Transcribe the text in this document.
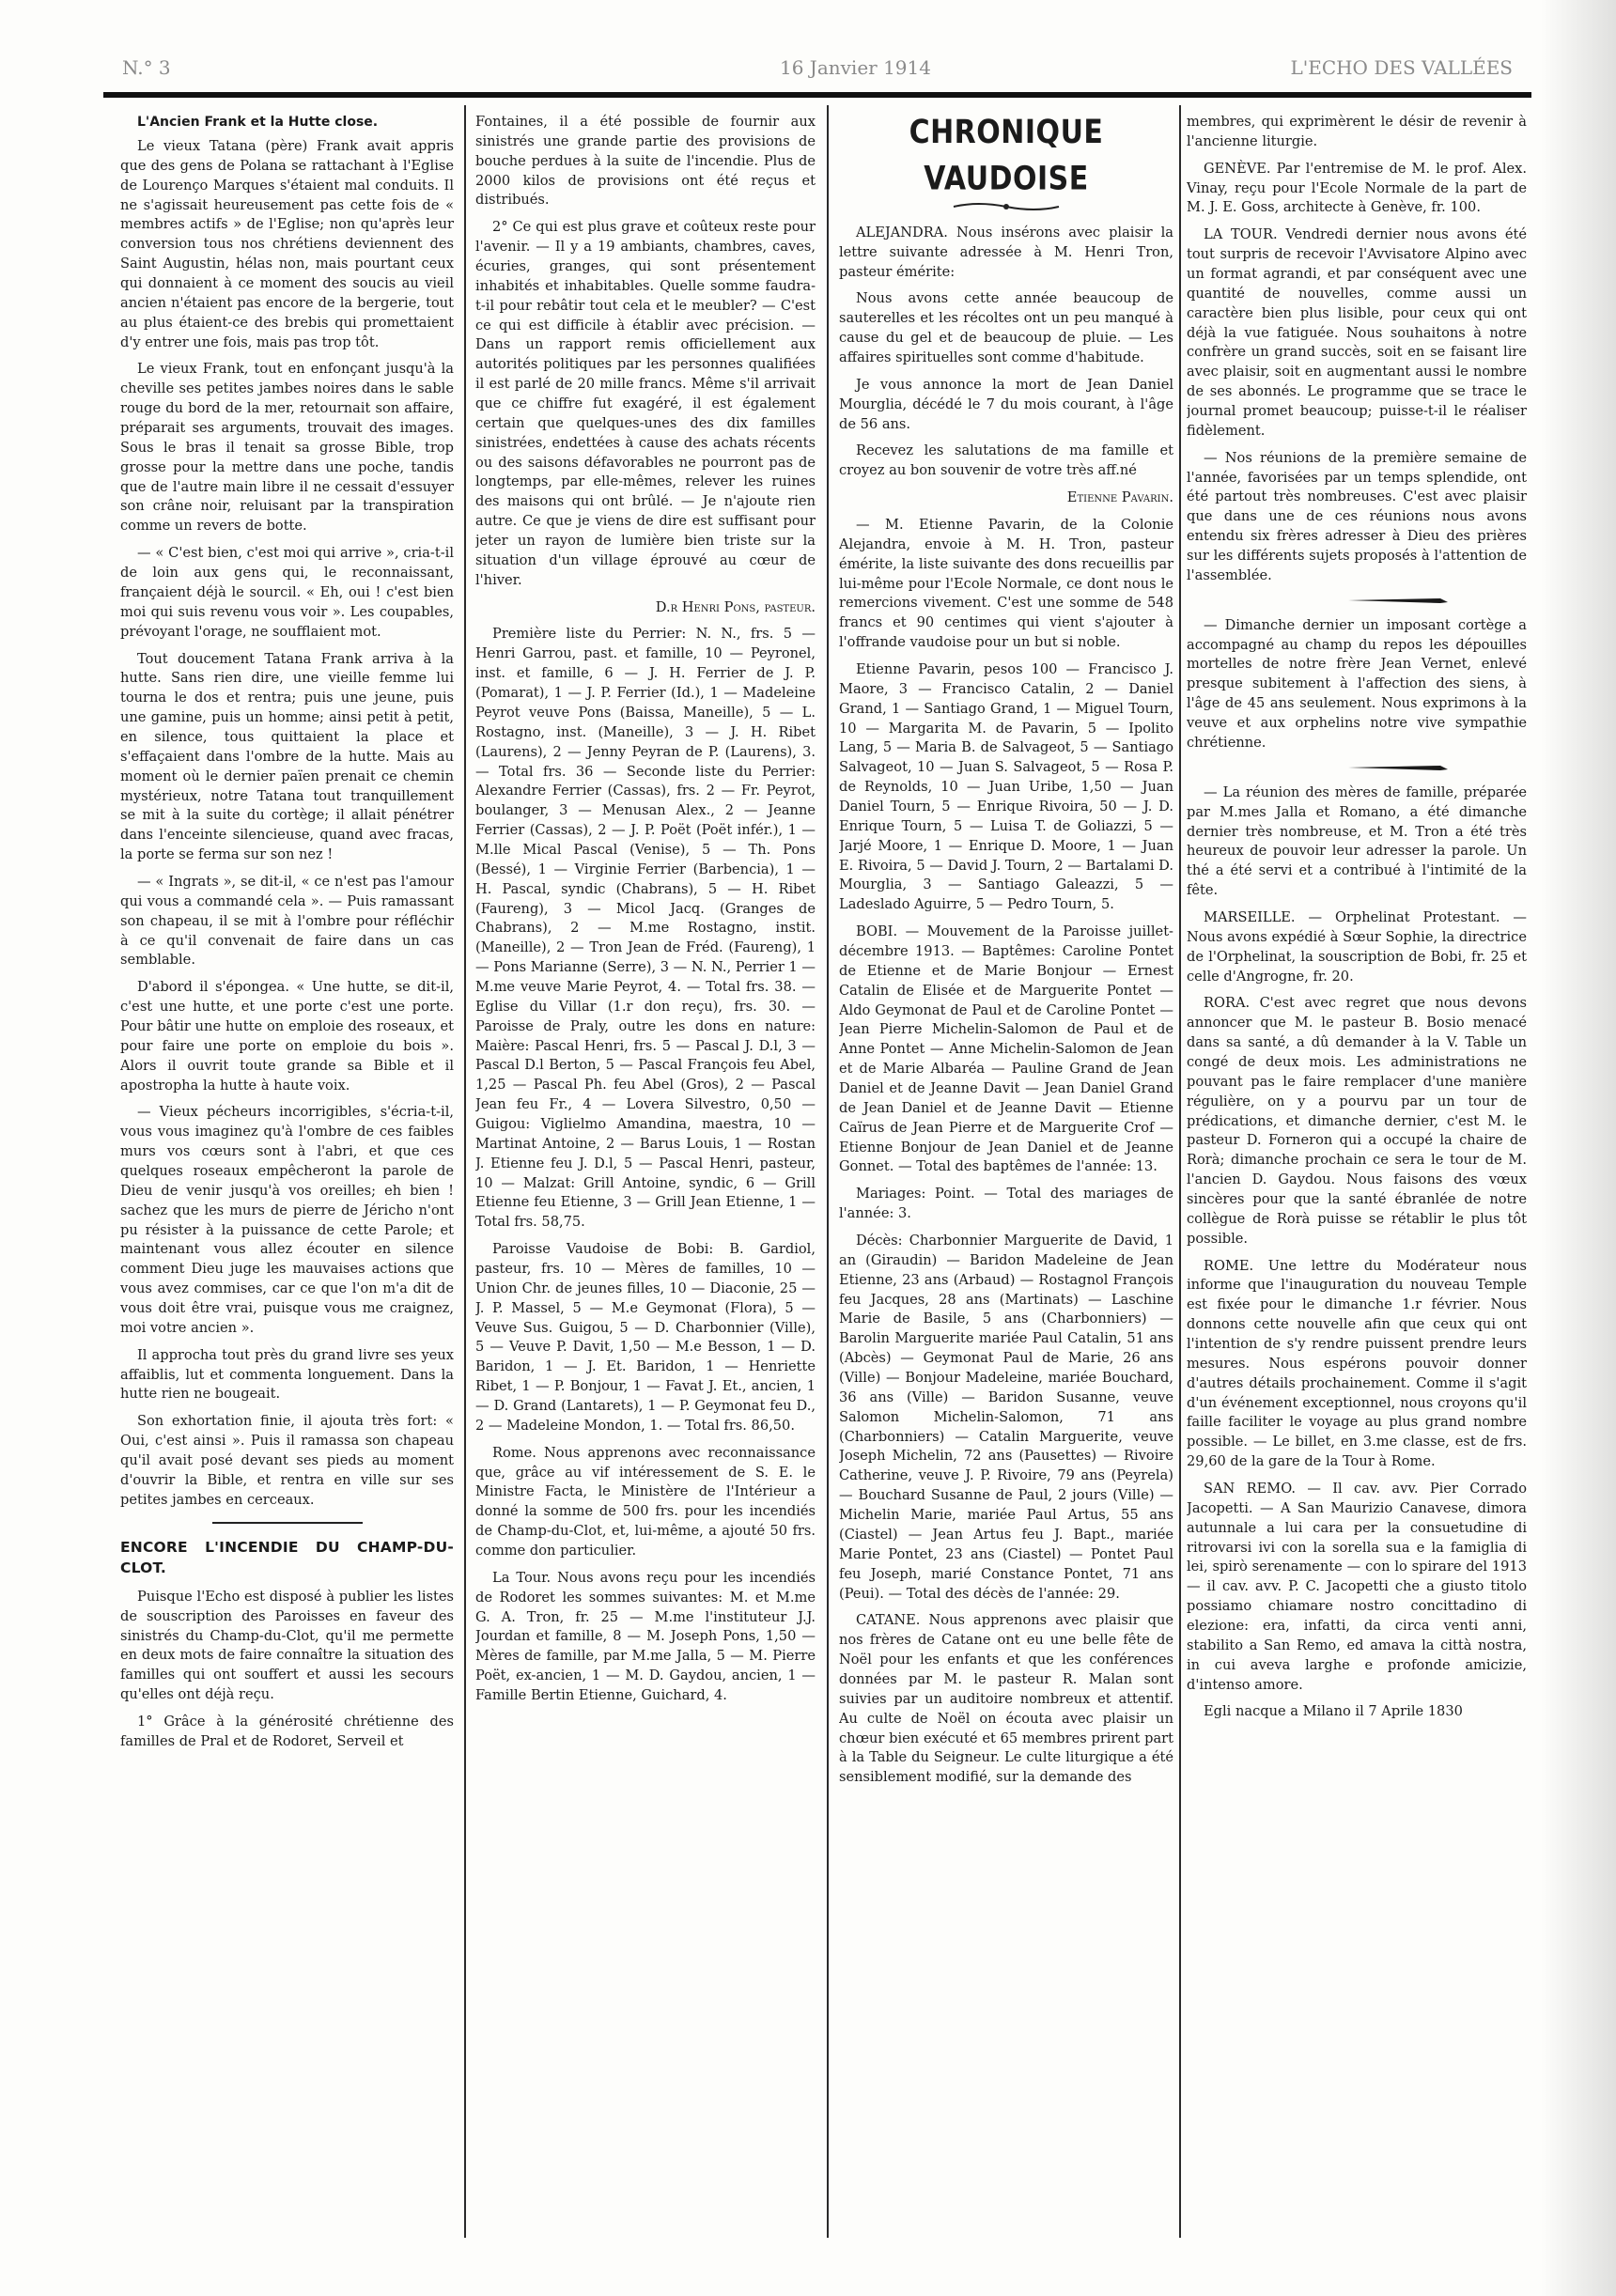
N.° 3	16 Janvier 1914	L'ECHO DES VALLÉES
L'Ancien Frank et la Hutte close.

Le vieux Tatana (père) Frank avait appris que des gens de Polana se rattachant à l'Eglise de Lourenço Marques s'étaient mal conduits. Il ne s'agissait heureusement pas cette fois de « membres actifs » de l'Eglise; non qu'après leur conversion tous nos chrétiens deviennent des Saint Augustin, hélas non, mais pourtant ceux qui donnaient à ce moment des soucis au vieil ancien n'étaient pas encore de la bergerie, tout au plus étaient-ce des brebis qui promettaient d'y entrer une fois, mais pas trop tôt.

Le vieux Frank, tout en enfonçant jusqu'à la cheville ses petites jambes noires dans le sable rouge du bord de la mer, retournait son affaire, préparait ses arguments, trouvait des images. Sous le bras il tenait sa grosse Bible, trop grosse pour la mettre dans une poche, tandis que de l'autre main libre il ne cessait d'essuyer son crâne noir, reluisant par la transpiration comme un revers de botte.

— « C'est bien, c'est moi qui arrive », cria-t-il de loin aux gens qui, le reconnaissant, françaient déjà le sourcil. « Eh, oui ! c'est bien moi qui suis revenu vous voir ». Les coupables, prévoyant l'orage, ne soufflaient mot.

Tout doucement Tatana Frank arriva à la hutte. Sans rien dire, une vieille femme lui tourna le dos et rentra; puis une jeune, puis une gamine, puis un homme; ainsi petit à petit, en silence, tous quittaient la place et s'effaçaient dans l'ombre de la hutte. Mais au moment où le dernier païen prenait ce chemin mystérieux, notre Tatana tout tranquillement se mit à la suite du cortège; il allait pénétrer dans l'enceinte silencieuse, quand avec fracas, la porte se ferma sur son nez !

— « Ingrats », se dit-il, « ce n'est pas l'amour qui vous a commandé cela ». — Puis ramassant son chapeau, il se mit à l'ombre pour réfléchir à ce qu'il convenait de faire dans un cas semblable.

D'abord il s'épongea. « Une hutte, se dit-il, c'est une hutte, et une porte c'est une porte. Pour bâtir une hutte on emploie des roseaux, et pour faire une porte on emploie du bois ». Alors il ouvrit toute grande sa Bible et il apostropha la hutte à haute voix.

— Vieux pécheurs incorrigibles, s'écria-t-il, vous vous imaginez qu'à l'ombre de ces faibles murs vos cœurs sont à l'abri, et que ces quelques roseaux empêcheront la parole de Dieu de venir jusqu'à vos oreilles; eh bien ! sachez que les murs de pierre de Jéricho n'ont pu résister à la puissance de cette Parole; et maintenant vous allez écouter en silence comment Dieu juge les mauvaises actions que vous avez commises, car ce que l'on m'a dit de vous doit être vrai, puisque vous me craignez, moi votre ancien ».

Il approcha tout près du grand livre ses yeux affaiblis, lut et commenta longuement. Dans la hutte rien ne bougeait.

Son exhortation finie, il ajouta très fort: « Oui, c'est ainsi ». Puis il ramassa son chapeau qu'il avait posé devant ses pieds au moment d'ouvrir la Bible, et rentra en ville sur ses petites jambes en cerceaux.

ENCORE L'INCENDIE DU CHAMP-DU-CLOT.

Puisque l'Echo est disposé à publier les listes de souscription des Paroisses en faveur des sinistrés du Champ-du-Clot, qu'il me permette en deux mots de faire connaître la situation des familles qui ont souffert et aussi les secours qu'elles ont déjà reçu.

1° Grâce à la générosité chrétienne des familles de Pral et de Rodoret, Serveil et

Fontaines, il a été possible de fournir aux sinistrés une grande partie des provisions de bouche perdues à la suite de l'incendie. Plus de 2000 kilos de provisions ont été reçus et distribués.

2° Ce qui est plus grave et coûteux reste pour l'avenir. — Il y a 19 ambiants, chambres, caves, écuries, granges, qui sont présentement inhabités et inhabitables. Quelle somme faudra-t-il pour rebâtir tout cela et le meubler? — C'est ce qui est difficile à établir avec précision. — Dans un rapport remis officiellement aux autorités politiques par les personnes qualifiées il est parlé de 20 mille francs. Même s'il arrivait que ce chiffre fut exagéré, il est également certain que quelques-unes des dix familles sinistrées, endettées à cause des achats récents ou des saisons défavorables ne pourront pas de longtemps, par elle-mêmes, relever les ruines des maisons qui ont brûlé. — Je n'ajoute rien autre. Ce que je viens de dire est suffisant pour jeter un rayon de lumière bien triste sur la situation d'un village éprouvé au cœur de l'hiver.

D.r Henri Pons, pasteur.

Première liste du Perrier: N. N., frs. 5 — Henri Garrou, past. et famille, 10 — Peyronel, inst. et famille, 6 — J. H. Ferrier de J. P. (Pomarat), 1 — J. P. Ferrier (Id.), 1 — Madeleine Peyrot veuve Pons (Baissa, Maneille), 5 — L. Rostagno, inst. (Maneille), 3 — J. H. Ribet (Laurens), 2 — Jenny Peyran de P. (Laurens), 3. — Total frs. 36 — Seconde liste du Perrier: Alexandre Ferrier (Cassas), frs. 2 — Fr. Peyrot, boulanger, 3 — Menusan Alex., 2 — Jeanne Ferrier (Cassas), 2 — J. P. Poët (Poët infér.), 1 — M.lle Mical Pascal (Venise), 5 — Th. Pons (Bessé), 1 — Virginie Ferrier (Barbencia), 1 — H. Pascal, syndic (Chabrans), 5 — H. Ribet (Faureng), 3 — Micol Jacq. (Granges de Chabrans), 2 — M.me Rostagno, instit. (Maneille), 2 — Tron Jean de Fréd. (Faureng), 1 — Pons Marianne (Serre), 3 — N. N., Perrier 1 — M.me veuve Marie Peyrot, 4. — Total frs. 38. — Eglise du Villar (1.r don reçu), frs. 30. — Paroisse de Praly, outre les dons en nature: Maière: Pascal Henri, frs. 5 — Pascal J. D.l, 3 — Pascal D.l Berton, 5 — Pascal François feu Abel, 1,25 — Pascal Ph. feu Abel (Gros), 2 — Pascal Jean feu Fr., 4 — Lovera Silvestro, 0,50 — Guigou: Viglielmo Amandina, maestra, 10 — Martinat Antoine, 2 — Barus Louis, 1 — Rostan J. Etienne feu J. D.l, 5 — Pascal Henri, pasteur, 10 — Malzat: Grill Antoine, syndic, 6 — Grill Etienne feu Etienne, 3 — Grill Jean Etienne, 1 — Total frs. 58,75.

Paroisse Vaudoise de Bobi: B. Gardiol, pasteur, frs. 10 — Mères de familles, 10 — Union Chr. de jeunes filles, 10 — Diaconie, 25 — J. P. Massel, 5 — M.e Geymonat (Flora), 5 — Veuve Sus. Guigou, 5 — D. Charbonnier (Ville), 5 — Veuve P. Davit, 1,50 — M.e Besson, 1 — D. Baridon, 1 — J. Et. Baridon, 1 — Henriette Ribet, 1 — P. Bonjour, 1 — Favat J. Et., ancien, 1 — D. Grand (Lantarets), 1 — P. Geymonat feu D., 2 — Madeleine Mondon, 1. — Total frs. 86,50.

Rome. Nous apprenons avec reconnaissance que, grâce au vif intéressement de S. E. le Ministre Facta, le Ministère de l'Intérieur a donné la somme de 500 frs. pour les incendiés de Champ-du-Clot, et, lui-même, a ajouté 50 frs. comme don particulier.

La Tour. Nous avons reçu pour les incendiés de Rodoret les sommes suivantes: M. et M.me G. A. Tron, fr. 25 — M.me l'instituteur J.J. Jourdan et famille, 8 — M. Joseph Pons, 1,50 — Mères de famille, par M.me Jalla, 5 — M. Pierre Poët, ex-ancien, 1 — M. D. Gaydou, ancien, 1 — Famille Bertin Etienne, Guichard, 4.

CHRONIQUE VAUDOISE

ALEJANDRA. Nous insérons avec plaisir la lettre suivante adressée à M. Henri Tron, pasteur émérite:

Nous avons cette année beaucoup de sauterelles et les récoltes ont un peu manqué à cause du gel et de beaucoup de pluie. — Les affaires spirituelles sont comme d'habitude.

Je vous annonce la mort de Jean Daniel Mourglia, décédé le 7 du mois courant, à l'âge de 56 ans.

Recevez les salutations de ma famille et croyez au bon souvenir de votre très aff.né

Etienne Pavarin.

— M. Etienne Pavarin, de la Colonie Alejandra, envoie à M. H. Tron, pasteur émérite, la liste suivante des dons recueillis par lui-même pour l'Ecole Normale, ce dont nous le remercions vivement. C'est une somme de 548 francs et 90 centimes qui vient s'ajouter à l'offrande vaudoise pour un but si noble.

Etienne Pavarin, pesos 100 — Francisco J. Maore, 3 — Francisco Catalin, 2 — Daniel Grand, 1 — Santiago Grand, 1 — Miguel Tourn, 10 — Margarita M. de Pavarin, 5 — Ipolito Lang, 5 — Maria B. de Salvageot, 5 — Santiago Salvageot, 10 — Juan S. Salvageot, 5 — Rosa P. de Reynolds, 10 — Juan Uribe, 1,50 — Juan Daniel Tourn, 5 — Enrique Rivoira, 50 — J. D. Enrique Tourn, 5 — Luisa T. de Goliazzi, 5 — Jarjé Moore, 1 — Enrique D. Moore, 1 — Juan E. Rivoira, 5 — David J. Tourn, 2 — Bartalami D. Mourglia, 3 — Santiago Galeazzi, 5 — Ladeslado Aguirre, 5 — Pedro Tourn, 5.

BOBI. — Mouvement de la Paroisse juillet-décembre 1913. — Baptêmes: Caroline Pontet de Etienne et de Marie Bonjour — Ernest Catalin de Elisée et de Marguerite Pontet — Aldo Geymonat de Paul et de Caroline Pontet — Jean Pierre Michelin-Salomon de Paul et de Anne Pontet — Anne Michelin-Salomon de Jean et de Marie Albaréa — Pauline Grand de Jean Daniel et de Jeanne Davit — Jean Daniel Grand de Jean Daniel et de Jeanne Davit — Etienne Caïrus de Jean Pierre et de Marguerite Crof — Etienne Bonjour de Jean Daniel et de Jeanne Gonnet. — Total des baptêmes de l'année: 13.

Mariages: Point. — Total des mariages de l'année: 3.

Décès: Charbonnier Marguerite de David, 1 an (Giraudin) — Baridon Madeleine de Jean Etienne, 23 ans (Arbaud) — Rostagnol François feu Jacques, 28 ans (Martinats) — Laschine Marie de Basile, 5 ans (Charbonniers) — Barolin Marguerite mariée Paul Catalin, 51 ans (Abcès) — Geymonat Paul de Marie, 26 ans (Ville) — Bonjour Madeleine, mariée Bouchard, 36 ans (Ville) — Baridon Susanne, veuve Salomon Michelin-Salomon, 71 ans (Charbonniers) — Catalin Marguerite, veuve Joseph Michelin, 72 ans (Pausettes) — Rivoire Catherine, veuve J. P. Rivoire, 79 ans (Peyrela) — Bouchard Susanne de Paul, 2 jours (Ville) — Michelin Marie, mariée Paul Artus, 55 ans (Ciastel) — Jean Artus feu J. Bapt., mariée Marie Pontet, 23 ans (Ciastel) — Pontet Paul feu Joseph, marié Constance Pontet, 71 ans (Peui). — Total des décès de l'année: 29.

CATANE. Nous apprenons avec plaisir que nos frères de Catane ont eu une belle fête de Noël pour les enfants et que les conférences données par M. le pasteur R. Malan sont suivies par un auditoire nombreux et attentif. Au culte de Noël on écouta avec plaisir un chœur bien exécuté et 65 membres prirent part à la Table du Seigneur. Le culte liturgique a été sensiblement modifié, sur la demande des

membres, qui exprimèrent le désir de revenir à l'ancienne liturgie.

GENÈVE. Par l'entremise de M. le prof. Alex. Vinay, reçu pour l'Ecole Normale de la part de M. J. E. Goss, architecte à Genève, fr. 100.

LA TOUR. Vendredi dernier nous avons été tout surpris de recevoir l'Avvisatore Alpino avec un format agrandi, et par conséquent avec une quantité de nouvelles, comme aussi un caractère bien plus lisible, pour ceux qui ont déjà la vue fatiguée. Nous souhaitons à notre confrère un grand succès, soit en se faisant lire avec plaisir, soit en augmentant aussi le nombre de ses abonnés. Le programme que se trace le journal promet beaucoup; puisse-t-il le réaliser fidèlement.

— Nos réunions de la première semaine de l'année, favorisées par un temps splendide, ont été partout très nombreuses. C'est avec plaisir que dans une de ces réunions nous avons entendu six frères adresser à Dieu des prières sur les différents sujets proposés à l'attention de l'assemblée.

— Dimanche dernier un imposant cortège a accompagné au champ du repos les dépouilles mortelles de notre frère Jean Vernet, enlevé presque subitement à l'affection des siens, à l'âge de 45 ans seulement. Nous exprimons à la veuve et aux orphelins notre vive sympathie chrétienne.

— La réunion des mères de famille, préparée par M.mes Jalla et Romano, a été dimanche dernier très nombreuse, et M. Tron a été très heureux de pouvoir leur adresser la parole. Un thé a été servi et a contribué à l'intimité de la fête.

MARSEILLE. — Orphelinat Protestant. — Nous avons expédié à Sœur Sophie, la directrice de l'Orphelinat, la souscription de Bobi, fr. 25 et celle d'Angrogne, fr. 20.

RORA. C'est avec regret que nous devons annoncer que M. le pasteur B. Bosio menacé dans sa santé, a dû demander à la V. Table un congé de deux mois. Les administrations ne pouvant pas le faire remplacer d'une manière régulière, on y a pourvu par un tour de prédications, et dimanche dernier, c'est M. le pasteur D. Forneron qui a occupé la chaire de Rorà; dimanche prochain ce sera le tour de M. l'ancien D. Gaydou. Nous faisons des vœux sincères pour que la santé ébranlée de notre collègue de Rorà puisse se rétablir le plus tôt possible.

ROME. Une lettre du Modérateur nous informe que l'inauguration du nouveau Temple est fixée pour le dimanche 1.r février. Nous donnons cette nouvelle afin que ceux qui ont l'intention de s'y rendre puissent prendre leurs mesures. Nous espérons pouvoir donner d'autres détails prochainement. Comme il s'agit d'un événement exceptionnel, nous croyons qu'il faille faciliter le voyage au plus grand nombre possible. — Le billet, en 3.me classe, est de frs. 29,60 de la gare de la Tour à Rome.

SAN REMO. — Il cav. avv. Pier Corrado Jacopetti. — A San Maurizio Canavese, dimora autunnale a lui cara per la consuetudine di ritrovarsi ivi con la sorella sua e la famiglia di lei, spirò serenamente — con lo spirare del 1913 — il cav. avv. P. C. Jacopetti che a giusto titolo possiamo chiamare nostro concittadino di elezione: era, infatti, da circa venti anni, stabilito a San Remo, ed amava la città nostra, in cui aveva larghe e profonde amicizie, d'intenso amore.

Egli nacque a Milano il 7 Aprile 1830
